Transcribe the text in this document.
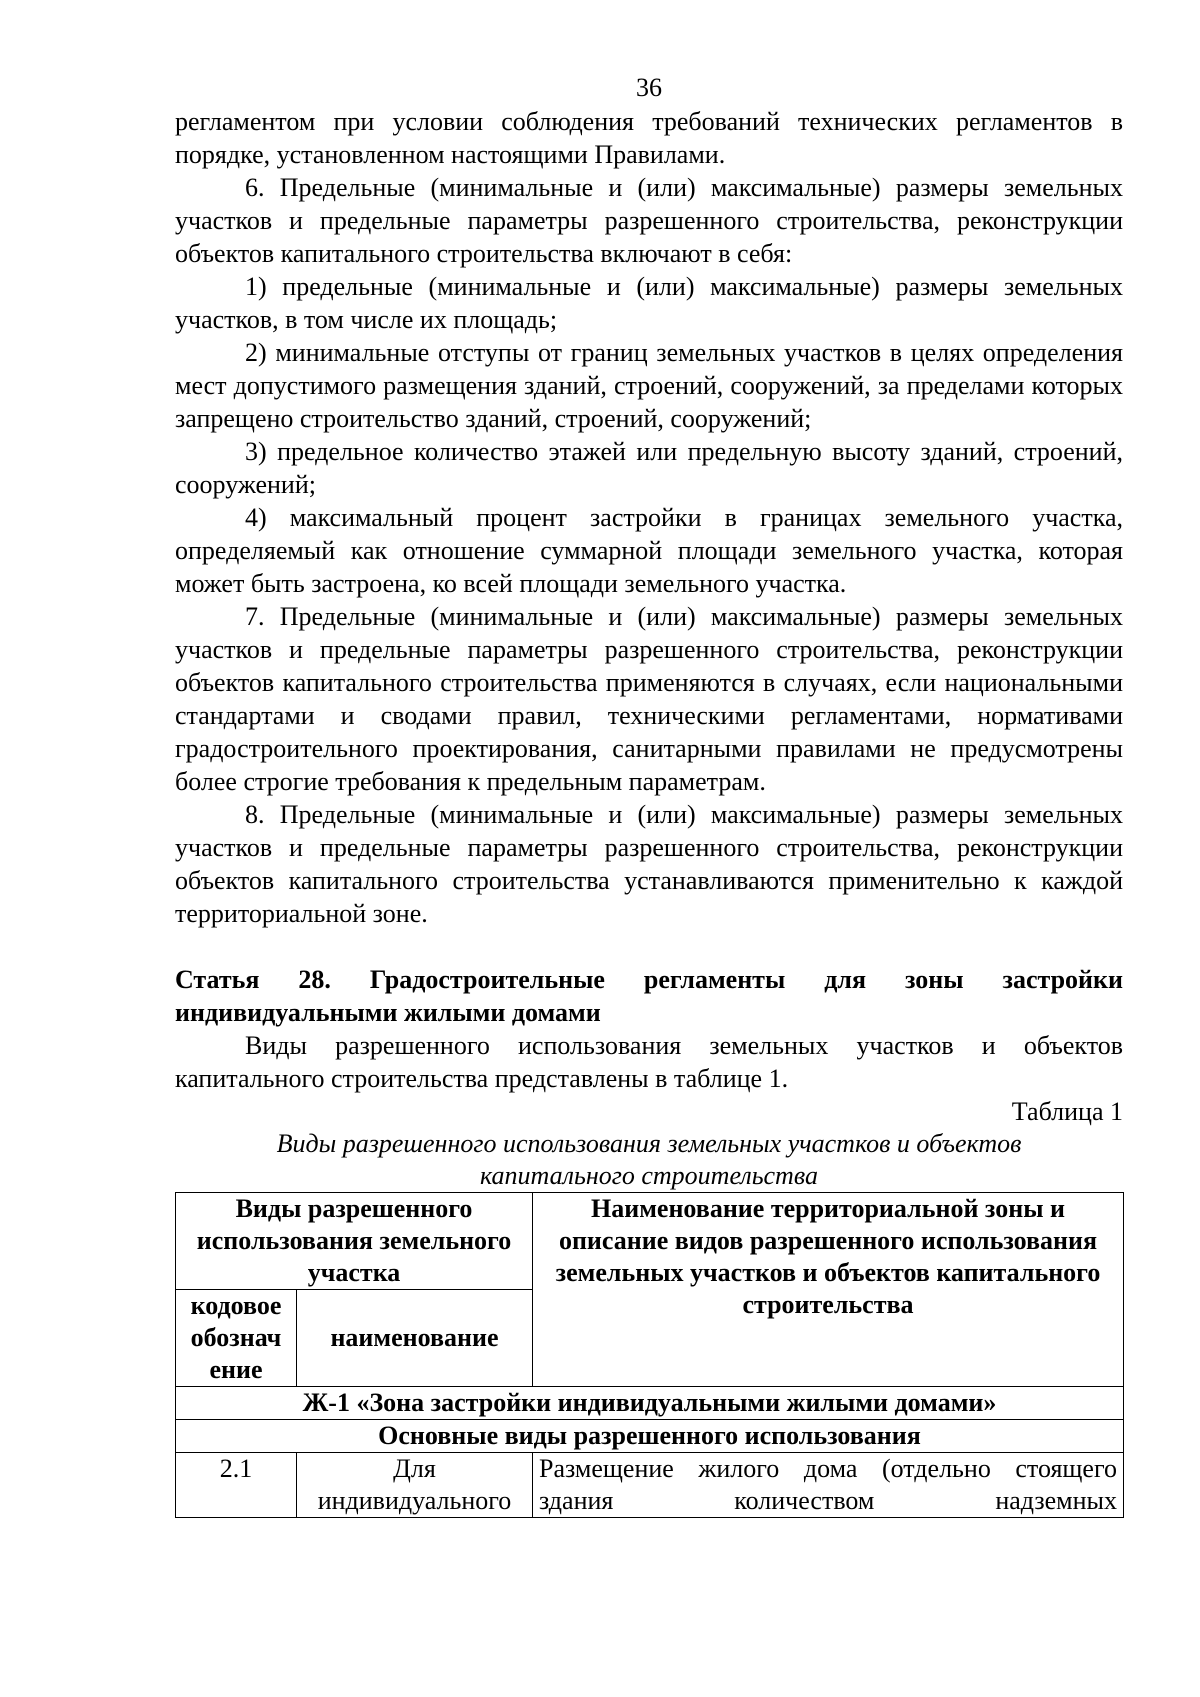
36

регламентом при условии соблюдения требований технических регламентов в порядке, установленном настоящими Правилами.

6. Предельные (минимальные и (или) максимальные) размеры земельных участков и предельные параметры разрешенного строительства, реконструкции объектов капитального строительства включают в себя:

1) предельные (минимальные и (или) максимальные) размеры земельных участков, в том числе их площадь;

2) минимальные отступы от границ земельных участков в целях определения мест допустимого размещения зданий, строений, сооружений, за пределами которых запрещено строительство зданий, строений, сооружений;

3) предельное количество этажей или предельную высоту зданий, строений, сооружений;

4) максимальный процент застройки в границах земельного участка, определяемый как отношение суммарной площади земельного участка, которая может быть застроена, ко всей площади земельного участка.

7. Предельные (минимальные и (или) максимальные) размеры земельных участков и предельные параметры разрешенного строительства, реконструкции объектов капитального строительства применяются в случаях, если национальными стандартами и сводами правил, техническими регламентами, нормативами градостроительного проектирования, санитарными правилами не предусмотрены более строгие требования к предельным параметрам.

8. Предельные (минимальные и (или) максимальные) размеры земельных участков и предельные параметры разрешенного строительства, реконструкции объектов капитального строительства устанавливаются применительно к каждой территориальной зоне.

Статья 28. Градостроительные регламенты для зоны застройки индивидуальными жилыми домами

Виды разрешенного использования земельных участков и объектов капитального строительства представлены в таблице 1.

Таблица 1
Виды разрешенного использования земельных участков и объектов капитального строительства
Виды разрешенного использования земельного участка		Наименование территориальной зоны и описание видов разрешенного использования земельных участков и объектов капитального строительства
кодовое обознач ение	наименование	
Ж-1 «Зона застройки индивидуальными жилыми домами»		
Основные виды разрешенного использования		
2.1	Для индивидуального	Размещение жилого дома (отдельно стоящего здания количеством надземных
